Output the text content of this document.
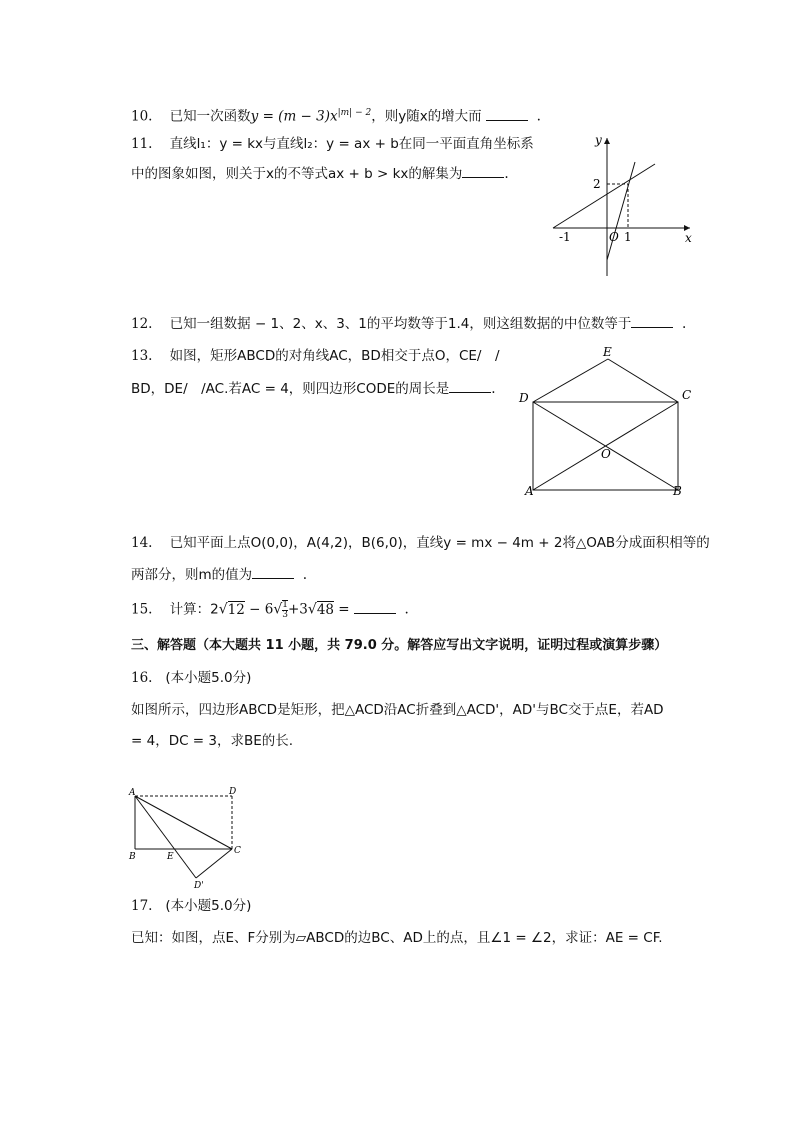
10. 已知一次函数$y = (m - 3)x^{|m| - 2}$，则y随x的增大而	.
11. 直线l₁：y = kx与直线l₂：y = ax + b在同一平面直角坐标系
中的图象如图，则关于x的不等式ax + b > kx的解集为	.
y
x
O
-1	1
2
12. 已知一组数据 − 1、2、x、3、1的平均数等于1.4，则这组数据的中位数等于	.
13. 如图，矩形ABCD的对角线AC，BD相交于点O，CE/　/
BD，DE/　/AC.若AC = 4，则四边形CODE的周长是	.
E
D	C
O
A	B
14. 已知平面上点O(0,0)，A(4,2)，B(6,0)，直线y = mx − 4m + 2将△OAB分成面积相等的
两部分，则m的值为	.
15. 计算：$2√12 - 6√ \frac{1}{3} +3√48$ =	.
三、解答题（本大题共 11 小题，共 79.0 分。解答应写出文字说明，证明过程或演算步骤）
16. (本小题5.0分)
如图所示，四边形ABCD是矩形，把△ACD沿AC折叠到△ACD'，AD'与BC交于点E，若AD
= 4，DC = 3，求BE的长.
A	D
B	E
C
D'
17. (本小题5.0分)
已知：如图，点E、F分别为▱ABCD的边BC、AD上的点，且∠1 = ∠2，求证：AE = CF.
